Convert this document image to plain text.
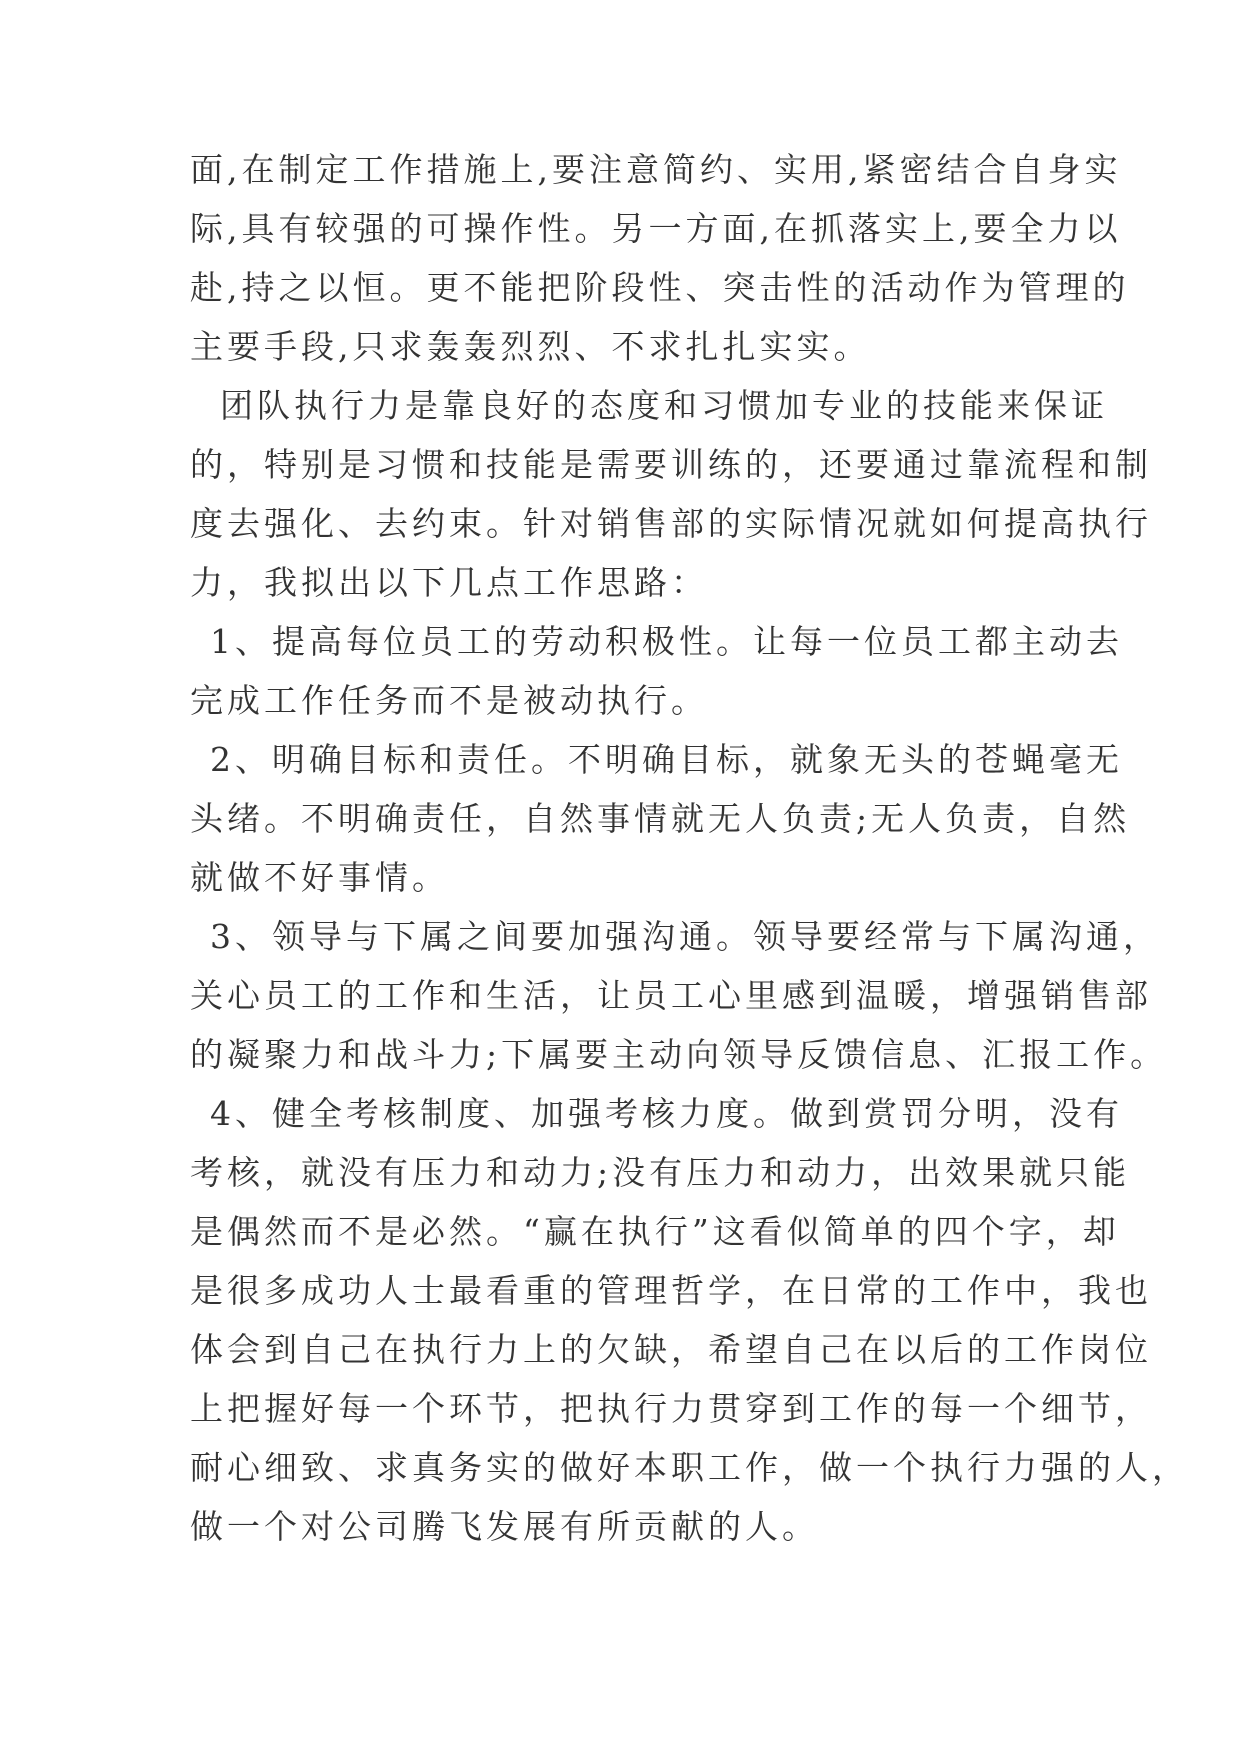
面,在制定工作措施上,要注意简约、实用,紧密结合自身实
际,具有较强的可操作性。另一方面,在抓落实上,要全力以
赴,持之以恒。更不能把阶段性、突击性的活动作为管理的
主要手段,只求轰轰烈烈、不求扎扎实实。
团队执行力是靠良好的态度和习惯加专业的技能来保证
的，特别是习惯和技能是需要训练的，还要通过靠流程和制
度去强化、去约束。针对销售部的实际情况就如何提高执行
力，我拟出以下几点工作思路：
1、提高每位员工的劳动积极性。让每一位员工都主动去
完成工作任务而不是被动执行。
2、明确目标和责任。不明确目标，就象无头的苍蝇毫无
头绪。不明确责任，自然事情就无人负责;无人负责，自然
就做不好事情。
3、领导与下属之间要加强沟通。领导要经常与下属沟通，
关心员工的工作和生活，让员工心里感到温暖，增强销售部
的凝聚力和战斗力;下属要主动向领导反馈信息、汇报工作。
4、健全考核制度、加强考核力度。做到赏罚分明，没有
考核，就没有压力和动力;没有压力和动力，出效果就只能
是偶然而不是必然。“赢在执行”这看似简单的四个字，却
是很多成功人士最看重的管理哲学，在日常的工作中，我也
体会到自己在执行力上的欠缺，希望自己在以后的工作岗位
上把握好每一个环节，把执行力贯穿到工作的每一个细节，
耐心细致、求真务实的做好本职工作，做一个执行力强的人，
做一个对公司腾飞发展有所贡献的人。
